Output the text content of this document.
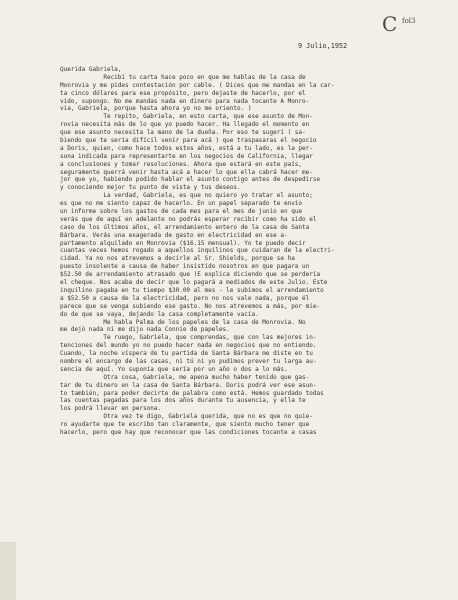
C fol3
9 Julio,1952
Querida Gabriela,
Recibí tu carta hace poco en que me hablas de la casa de
Monrovia y me pides contestación por cable. ( Dices que me mandas en la car-
ta cinco dólares para ese propósito, pero dejaste de hacerlo, por el
vido, supongo. No me mandas nada en dinero para nada tocante A Monro-
via, Gabriela, porque hasta ahora yo no me oriento. )
Te repito, Gabriela, en esto carta, que ese asunto de Mon-
rovia necesita más de lo que yo puedo hacer. Ha llegado el momento en
que ese asunto necesita la mano de la dueña. Por eso te sugerí ( sa-
biendo que te sería difícil venir para acá ) que traspasaras el negocio
a Doris, quien, como hace todos estos años, está a tu lado, es la per-
sona indicada para representarte en los negocios de California, llegar
a conclusiones y tomar resoluciones. Ahora que estará en este país,
seguramente querrá venir hasta acá a hacer lo que ella cabrá hacer me-
jor que yo, habiendo podido hablar el asunto contigo antes de despedirse
y conociendo mejor tu punto de vista y tus deseos.
La verdad, Gabriela, es que no quiero yo tratar el asunto;
es que no me siento capaz de hacerlo. En un papel separado te envío
un informe sobre los gastos de cada mes para el mes de junio en que
verás que de aquí en adelante no podrás esperar recibir como ha sido el
caso de los últimos años, el arrendamiento entero de la casa de Santa
Bárbara. Verás una exagerada de gasto en electricidad en ese a-
partamento alquilado en Monrovia ($16.15 mensual). Yo te puedo decir
cuantas veces hemos rogado a aquellos inquilinos que cuidaran de la electri-
cidad. Ya no nos atrevemos a decirle al Sr. Shields, porque se ha
puesto insolente a causa de haber insistido nosotros en que pagara un
$52.50 de arrendamiento atrasado que (E explica diciendo que se perdería
el cheque. Nos acaba de decir que lo pagará a mediados de este Julio. Este
inquilino pagaba en tu tiempo $30.00 al mes - le subimos el arrendamiento
a $52.50 a causa de la electricidad, pero no nos vale nada, porque él
parece que se venga subiendo ese gasto. No nos atrevemos a más, por mie-
do de que se vaya, dejando la casa completamente vacía.
Me habla Palma de los papeles de la casa de Monrovia. No
me dejó nada ni me dijo nada Connie de papeles.
Te ruego, Gabriela, que comprendas, que con las mejores in-
tenciones del mundo yo no puedo hacer nada en negocios que no entiendo.
Cuando, la noche víspera de tu partida de Santa Bárbara me diste en tu
nombre el encargo de las casas, ni tú ni yo pudimos prever tu larga au-
sencia de aquí. Yo suponía que sería por un año o dos a lo más.
Otra cosa, Gabriela, me apena mucho haber tenido que gas-
tar de tu dinero en la casa de Santa Bárbara. Doris podrá ver ese asun-
to también, para poder decirte de palabra como está. Hemos guardado todas
las cuentas pagadas para los dos años durante tu ausencia, y ella te
los podrá llevar en persona.
Otra vez te digo, Gabriela querida, que no es que no quie-
ro ayudarte que te escribo tan claramente, que siento mucho tener que
hacerlo, pero que hay que reconocer que las condiciones tocante a casas
